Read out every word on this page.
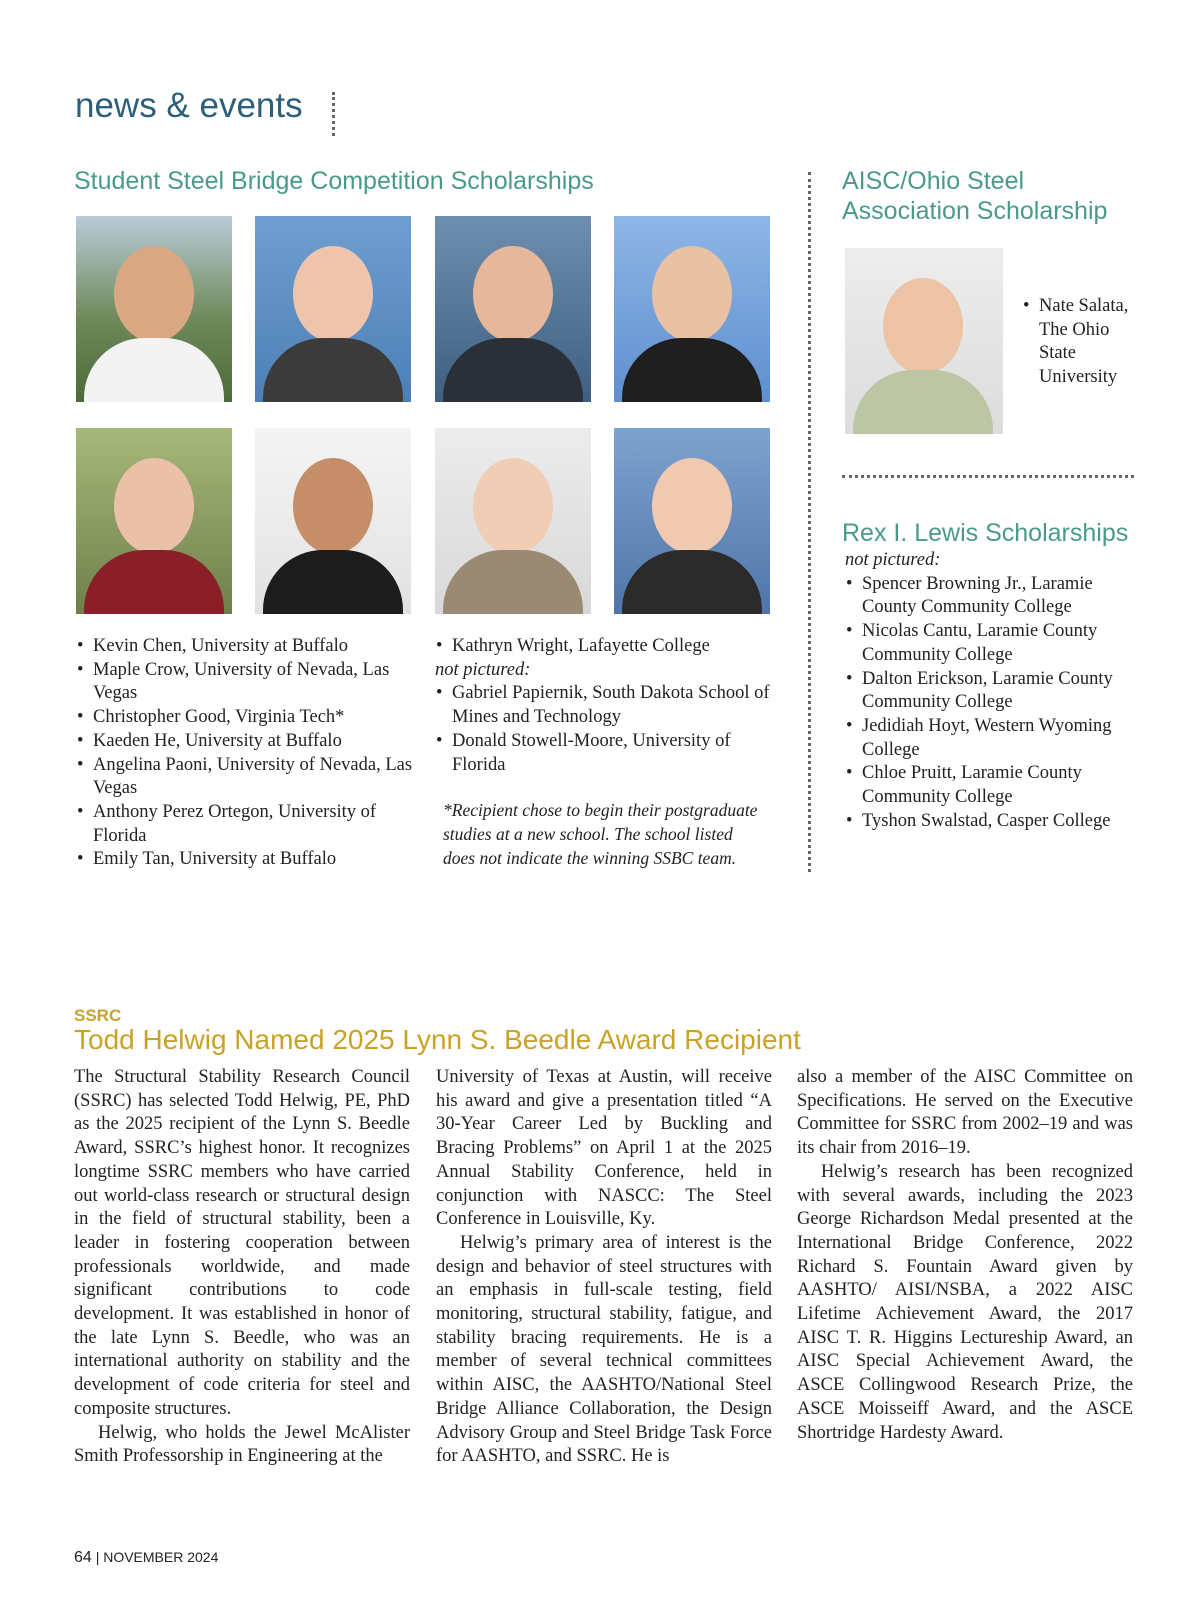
news & events
Student Steel Bridge Competition Scholarships
• Kevin Chen, University at Buffalo
• Maple Crow, University of Nevada, Las Vegas
• Christopher Good, Virginia Tech*
• Kaeden He, University at Buffalo
• Angelina Paoni, University of Nevada, Las Vegas
• Anthony Perez Ortegon, University of Florida
• Emily Tan, University at Buffalo
• Kathryn Wright, Lafayette College
not pictured:
• Gabriel Papiernik, South Dakota School of Mines and Technology
• Donald Stowell-Moore, University of Florida
*Recipient chose to begin their postgraduate studies at a new school. The school listed does not indicate the winning SSBC team.
AISC/Ohio Steel Association Scholarship
• Nate Salata, The Ohio State University
Rex I. Lewis Scholarships
not pictured:
• Spencer Browning Jr., Laramie County Community College
• Nicolas Cantu, Laramie County Community College
• Dalton Erickson, Laramie County Community College
• Jedidiah Hoyt, Western Wyoming College
• Chloe Pruitt, Laramie County Community College
• Tyshon Swalstad, Casper College
SSRC
Todd Helwig Named 2025 Lynn S. Beedle Award Recipient

The Structural Stability Research Council (SSRC) has selected Todd Helwig, PE, PhD as the 2025 recipient of the Lynn S. Beedle Award, SSRC’s highest honor. It recognizes longtime SSRC members who have carried out world-class research or structural design in the field of structural stability, been a leader in fostering cooperation between professionals worldwide, and made significant contributions to code development. It was established in honor of the late Lynn S. Beedle, who was an international authority on stability and the development of code criteria for steel and composite structures.

Helwig, who holds the Jewel McAlister Smith Professorship in Engineering at the

University of Texas at Austin, will receive his award and give a presentation titled “A 30-Year Career Led by Buckling and Bracing Problems” on April 1 at the 2025 Annual Stability Conference, held in conjunction with NASCC: The Steel Conference in Louisville, Ky.

Helwig’s primary area of interest is the design and behavior of steel structures with an emphasis in full-scale testing, field monitoring, structural stability, fatigue, and stability bracing requirements. He is a member of several technical committees within AISC, the AASHTO/National Steel Bridge Alliance Collaboration, the Design Advisory Group and Steel Bridge Task Force for AASHTO, and SSRC. He is

also a member of the AISC Committee on Specifications. He served on the Executive Committee for SSRC from 2002–19 and was its chair from 2016–19.

Helwig’s research has been recognized with several awards, including the 2023 George Richardson Medal presented at the International Bridge Conference, 2022 Richard S. Fountain Award given by AASHTO/ AISI/NSBA, a 2022 AISC Lifetime Achievement Award, the 2017 AISC T. R. Higgins Lectureship Award, an AISC Special Achievement Award, the ASCE Collingwood Research Prize, the ASCE Moisseiff Award, and the ASCE Shortridge Hardesty Award.

64 | NOVEMBER 2024
